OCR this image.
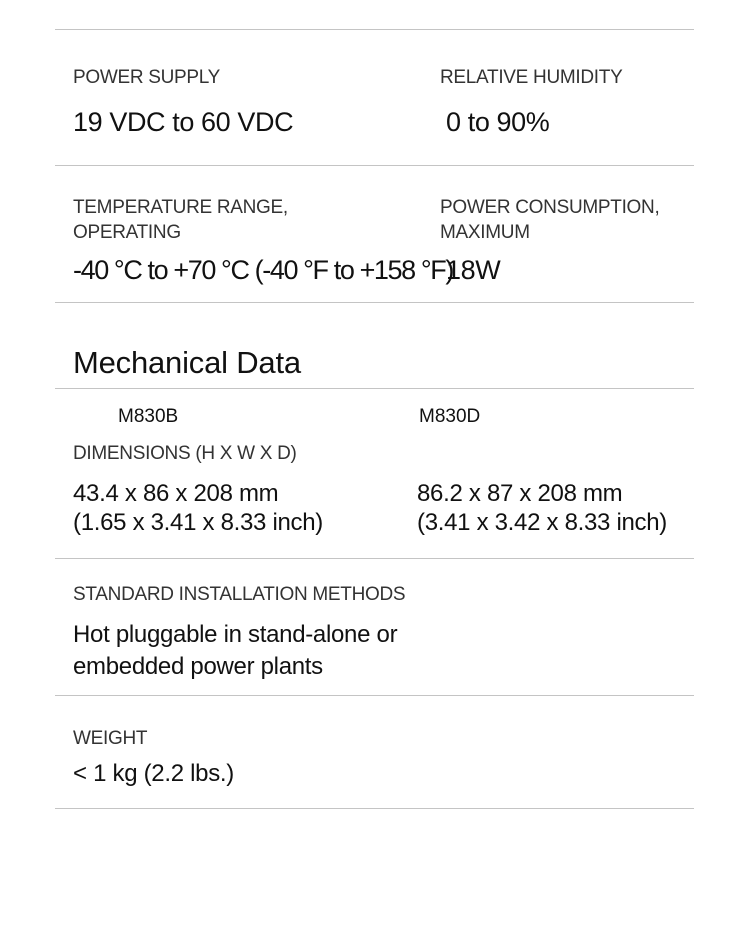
POWER SUPPLY
19 VDC to 60 VDC
RELATIVE HUMIDITY
0 to 90%
TEMPERATURE RANGE,
OPERATING
-40 °C to +70 °C (-40 °F to +158 °F)
POWER CONSUMPTION,
MAXIMUM
18W
Mechanical Data
M830B	M830D
DIMENSIONS (H X W X D)
43.4 x 86 x 208 mm
(1.65 x 3.41 x 8.33 inch)
86.2 x 87 x 208 mm
(3.41 x 3.42 x 8.33 inch)
STANDARD INSTALLATION METHODS
Hot pluggable in stand-alone or
embedded power plants
WEIGHT
< 1 kg (2.2 lbs.)
